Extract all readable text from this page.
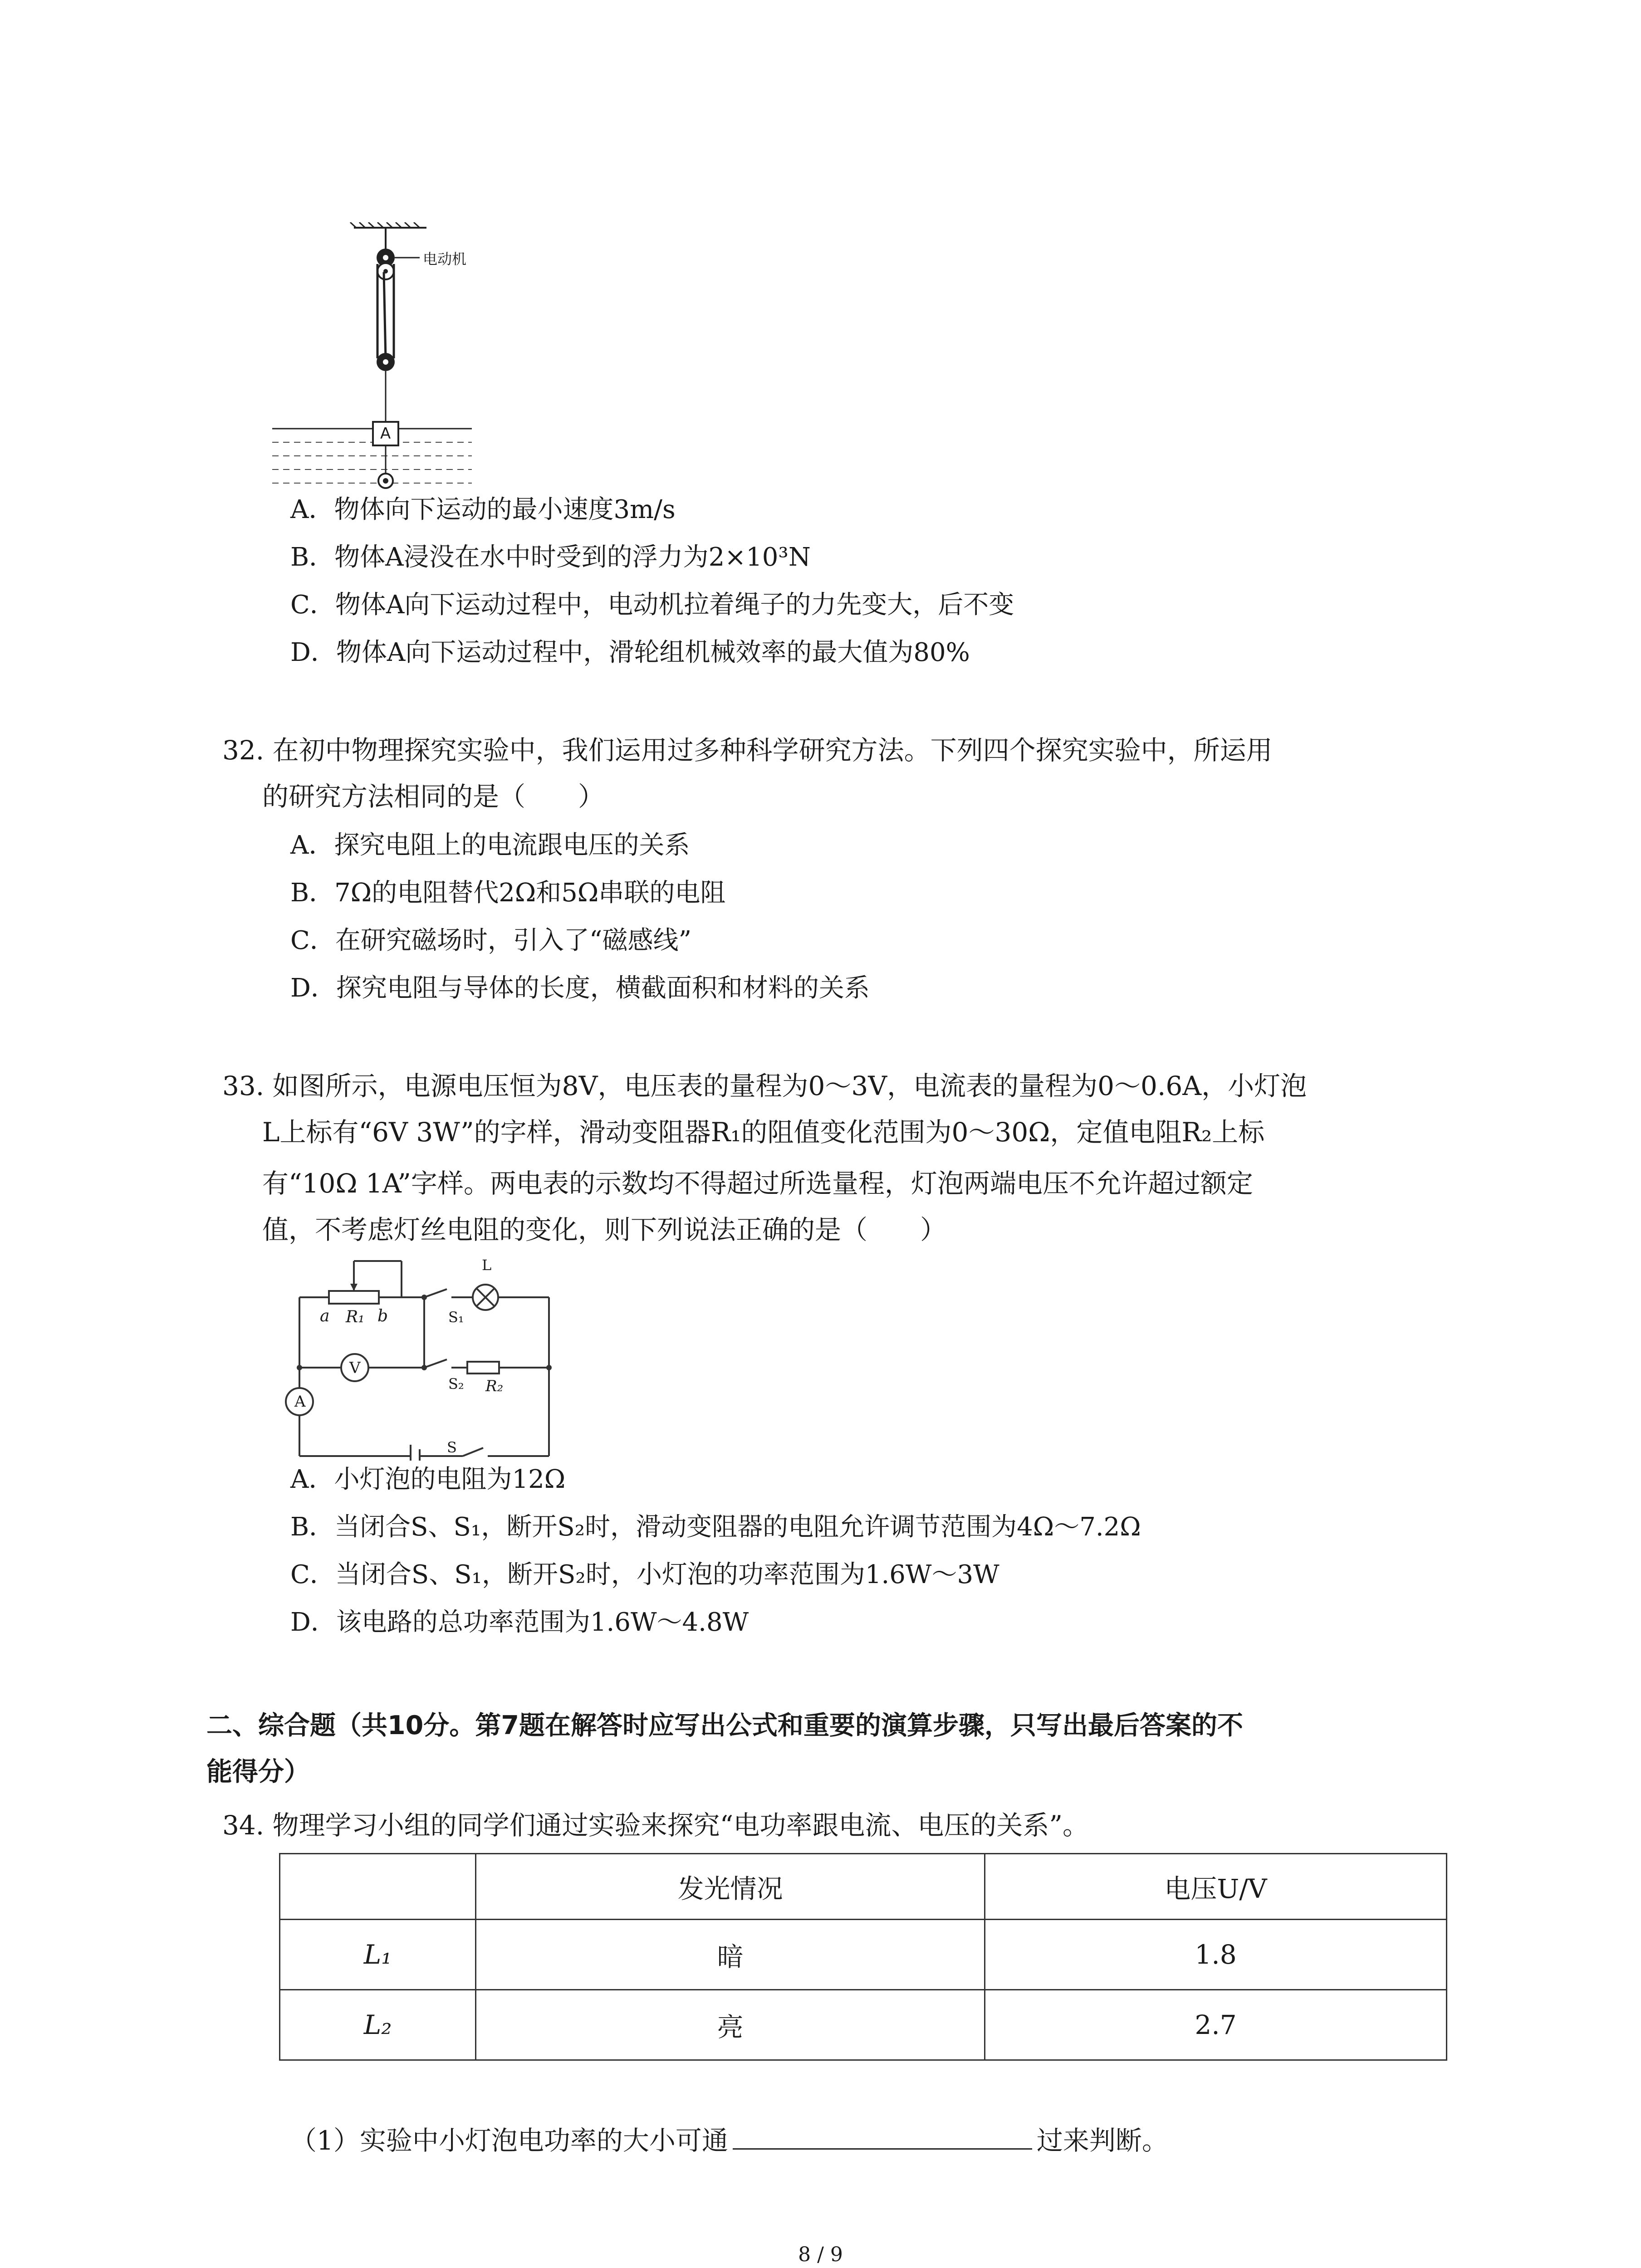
电动机
A
A．物体向下运动的最小速度3m/s
B．物体A浸没在水中时受到的浮力为2×10³N
C．物体A向下运动过程中，电动机拉着绳子的力先变大，后不变
D．物体A向下运动过程中，滑轮组机械效率的最大值为80%
32. 在初中物理探究实验中，我们运用过多种科学研究方法。下列四个探究实验中，所运用
的研究方法相同的是（　　）
A．探究电阻上的电流跟电压的关系
B．7Ω的电阻替代2Ω和5Ω串联的电阻
C．在研究磁场时，引入了“磁感线”
D．探究电阻与导体的长度，横截面积和材料的关系
33. 如图所示，电源电压恒为8V，电压表的量程为0～3V，电流表的量程为0～0.6A，小灯泡
L上标有“6V 3W”的字样，滑动变阻器R₁的阻值变化范围为0～30Ω，定值电阻R₂上标
有“10Ω 1A”字样。两电表的示数均不得超过所选量程，灯泡两端电压不允许超过额定
值，不考虑灯丝电阻的变化，则下列说法正确的是（　　）
a R₁ b	S₁
L
V
S₂ R₂
A
S
A．小灯泡的电阻为12Ω
B．当闭合S、S₁，断开S₂时，滑动变阻器的电阻允许调节范围为4Ω～7.2Ω
C．当闭合S、S₁，断开S₂时，小灯泡的功率范围为1.6W～3W
D．该电路的总功率范围为1.6W～4.8W
二、综合题（共10分。第7题在解答时应写出公式和重要的演算步骤，只写出最后答案的不
能得分）
34. 物理学习小组的同学们通过实验来探究“电功率跟电流、电压的关系”。
	发光情况	电压U/V
L₁	暗	1.8
L₂	亮	2.7
（1）实验中小灯泡电功率的大小可通	过来判断。
8 / 9
